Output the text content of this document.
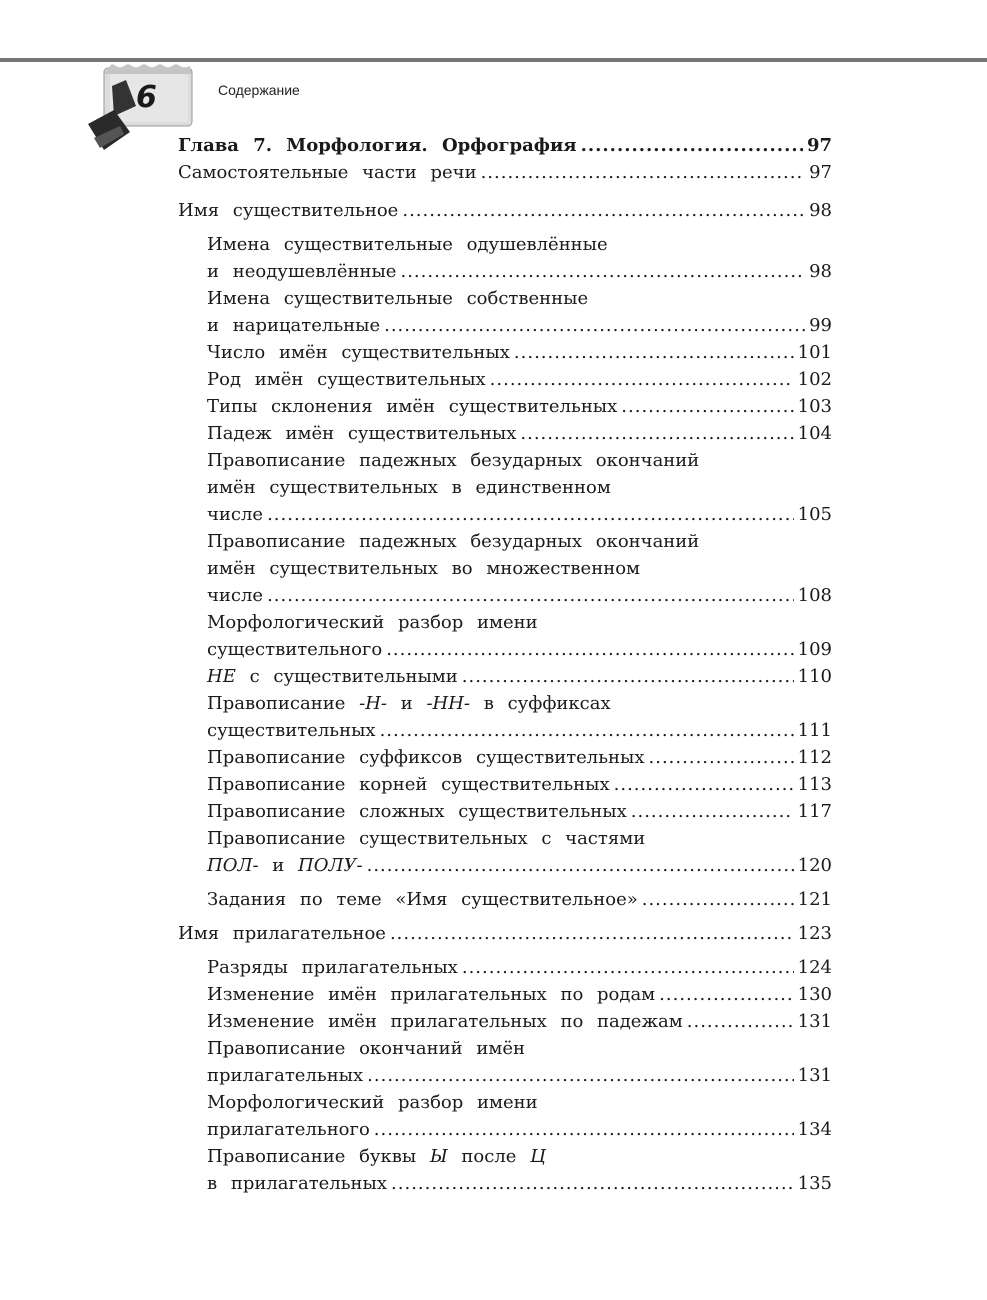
6	Содержание
Глава 7. Морфология. Орфография .....	97
Самостоятельные части речи .....	97
Имя существительное .....	98
Имена существительные одушевлённые
и неодушевлённые .....	98
Имена существительные собственные
и нарицательные .....	99
Число имён существительных .....	101
Род имён существительных .....	102
Типы склонения имён существительных .....	103
Падеж имён существительных .....	104
Правописание падежных безударных окончаний
имён существительных в единственном
числе .....	105
Правописание падежных безударных окончаний
имён существительных во множественном
числе .....	108
Морфологический разбор имени
существительного .....	109
НЕ с существительными .....	110
Правописание -Н- и -НН- в суффиксах
существительных .....	111
Правописание суффиксов существительных .....	112
Правописание корней существительных .....	113
Правописание сложных существительных .....	117
Правописание существительных с частями
ПОЛ- и ПОЛУ- .....	120
Задания по теме «Имя существительное» .....	121
Имя прилагательное .....	123
Разряды прилагательных .....	124
Изменение имён прилагательных по родам .....	130
Изменение имён прилагательных по падежам .....	131
Правописание окончаний имён
прилагательных .....	131
Морфологический разбор имени
прилагательного .....	134
Правописание буквы Ы после Ц
в прилагательных .....	135
